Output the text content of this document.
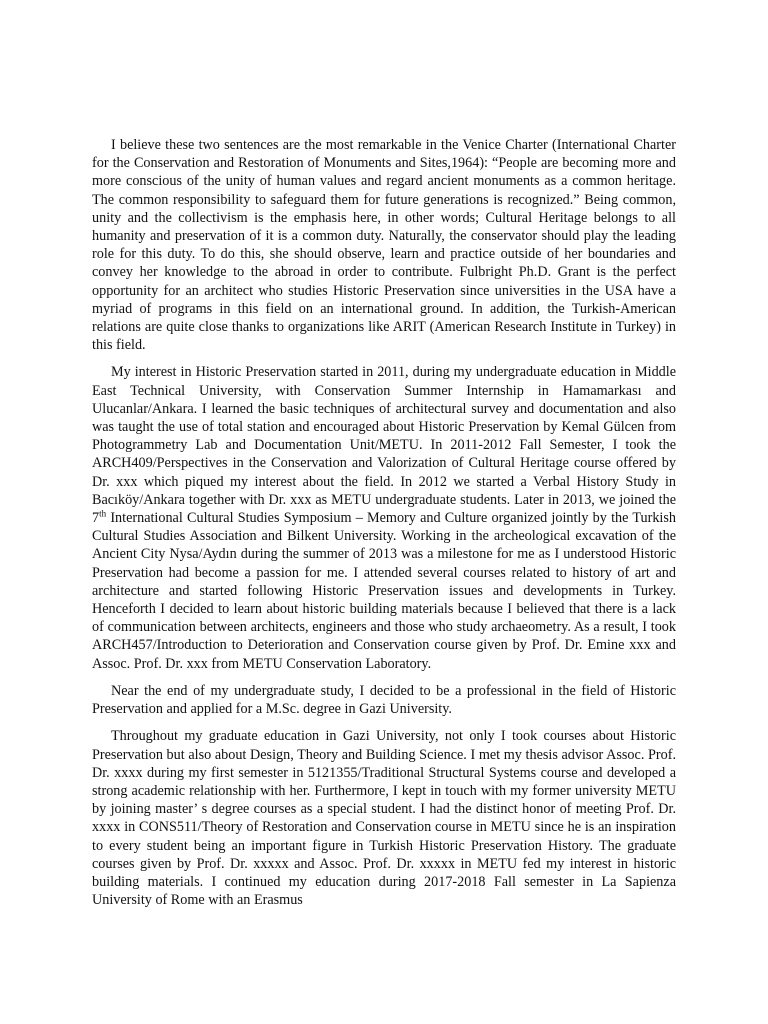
I believe these two sentences are the most remarkable in the Venice Charter (International Charter for the Conservation and Restoration of Monuments and Sites,1964): “People are becoming more and more conscious of the unity of human values and regard ancient monuments as a common heritage. The common responsibility to safeguard them for future generations is recognized.” Being common, unity and the collectivism is the emphasis here, in other words; Cultural Heritage belongs to all humanity and preservation of it is a common duty. Naturally, the conservator should play the leading role for this duty. To do this, she should observe, learn and practice outside of her boundaries and convey her knowledge to the abroad in order to contribute. Fulbright Ph.D. Grant is the perfect opportunity for an architect who studies Historic Preservation since universities in the USA have a myriad of programs in this field on an international ground. In addition, the Turkish-American relations are quite close thanks to organizations like ARIT (American Research Institute in Turkey) in this field.

My interest in Historic Preservation started in 2011, during my undergraduate education in Middle East Technical University, with Conservation Summer Internship in Hamamarkası and Ulucanlar/Ankara. I learned the basic techniques of architectural survey and documentation and also was taught the use of total station and encouraged about Historic Preservation by Kemal Gülcen from Photogrammetry Lab and Documentation Unit/METU. In 2011-2012 Fall Semester, I took the ARCH409/Perspectives in the Conservation and Valorization of Cultural Heritage course offered by Dr. xxx which piqued my interest about the field. In 2012 we started a Verbal History Study in Bacıköy/Ankara together with Dr. xxx as METU undergraduate students. Later in 2013, we joined the 7th International Cultural Studies Symposium – Memory and Culture organized jointly by the Turkish Cultural Studies Association and Bilkent University. Working in the archeological excavation of the Ancient City Nysa/Aydın during the summer of 2013 was a milestone for me as I understood Historic Preservation had become a passion for me. I attended several courses related to history of art and architecture and started following Historic Preservation issues and developments in Turkey. Henceforth I decided to learn about historic building materials because I believed that there is a lack of communication between architects, engineers and those who study archaeometry. As a result, I took ARCH457/Introduction to Deterioration and Conservation course given by Prof. Dr. Emine xxx and Assoc. Prof. Dr. xxx from METU Conservation Laboratory.

Near the end of my undergraduate study, I decided to be a professional in the field of Historic Preservation and applied for a M.Sc. degree in Gazi University.

Throughout my graduate education in Gazi University, not only I took courses about Historic Preservation but also about Design, Theory and Building Science. I met my thesis advisor Assoc. Prof. Dr. xxxx during my first semester in 5121355/Traditional Structural Systems course and developed a strong academic relationship with her. Furthermore, I kept in touch with my former university METU by joining master’ s degree courses as a special student. I had the distinct honor of meeting Prof. Dr. xxxx in CONS511/Theory of Restoration and Conservation course in METU since he is an inspiration to every student being an important figure in Turkish Historic Preservation History. The graduate courses given by Prof. Dr. xxxxx and Assoc. Prof. Dr. xxxxx in METU fed my interest in historic building materials. I continued my education during 2017-2018 Fall semester in La Sapienza University of Rome with an Erasmus
